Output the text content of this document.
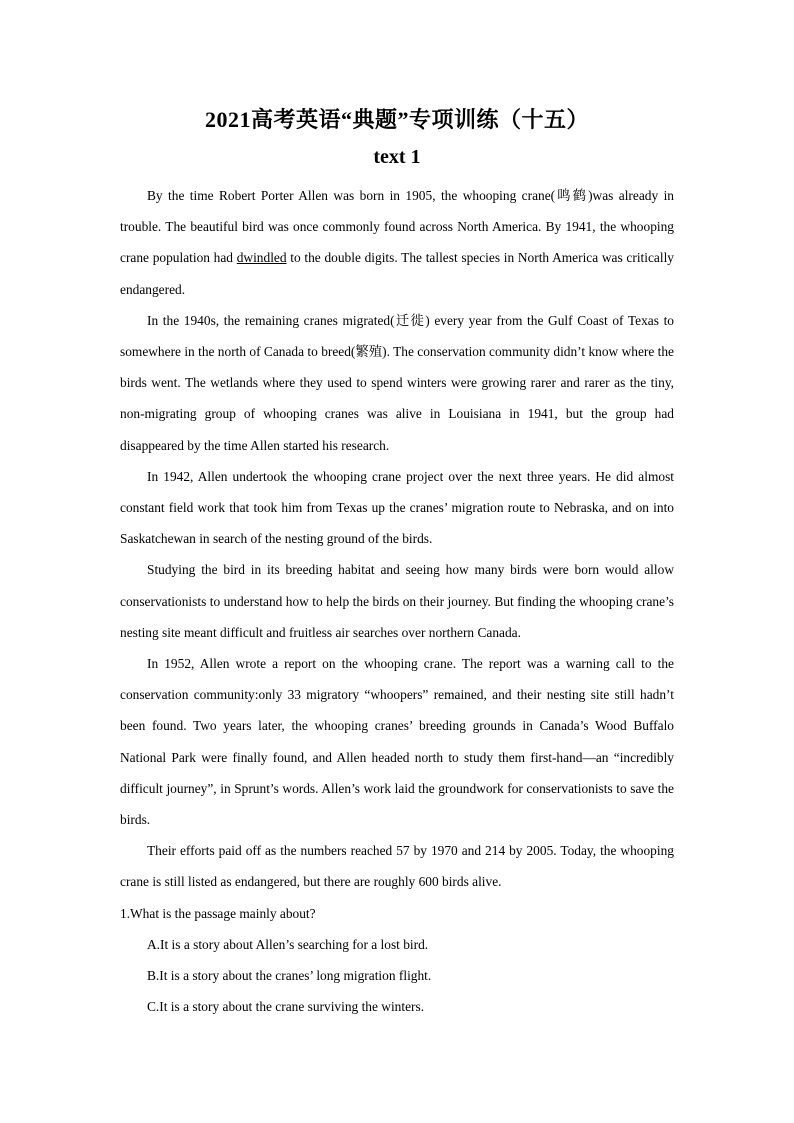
2021高考英语“典题”专项训练（十五）
text 1

By the time Robert Porter Allen was born in 1905, the whooping crane(鸣鹤)was already in trouble. The beautiful bird was once commonly found across North America. By 1941, the whooping crane population had dwindled to the double digits. The tallest species in North America was critically endangered.

In the 1940s, the remaining cranes migrated(迁徙) every year from the Gulf Coast of Texas to somewhere in the north of Canada to breed(繁殖). The conservation community didn’t know where the birds went. The wetlands where they used to spend winters were growing rarer and rarer as the tiny, non-migrating group of whooping cranes was alive in Louisiana in 1941, but the group had disappeared by the time Allen started his research.

In 1942, Allen undertook the whooping crane project over the next three years. He did almost constant field work that took him from Texas up the cranes’ migration route to Nebraska, and on into Saskatchewan in search of the nesting ground of the birds.

Studying the bird in its breeding habitat and seeing how many birds were born would allow conservationists to understand how to help the birds on their journey. But finding the whooping crane’s nesting site meant difficult and fruitless air searches over northern Canada.

In 1952, Allen wrote a report on the whooping crane. The report was a warning call to the conservation community:only 33 migratory “whoopers” remained, and their nesting site still hadn’t been found. Two years later, the whooping cranes’ breeding grounds in Canada’s Wood Buffalo National Park were finally found, and Allen headed north to study them first-hand—an “incredibly difficult journey”, in Sprunt’s words. Allen’s work laid the groundwork for conservationists to save the birds.

Their efforts paid off as the numbers reached 57 by 1970 and 214 by 2005. Today, the whooping crane is still listed as endangered, but there are roughly 600 birds alive.

1.What is the passage mainly about?

A.It is a story about Allen’s searching for a lost bird.

B.It is a story about the cranes’ long migration flight.

C.It is a story about the crane surviving the winters.
